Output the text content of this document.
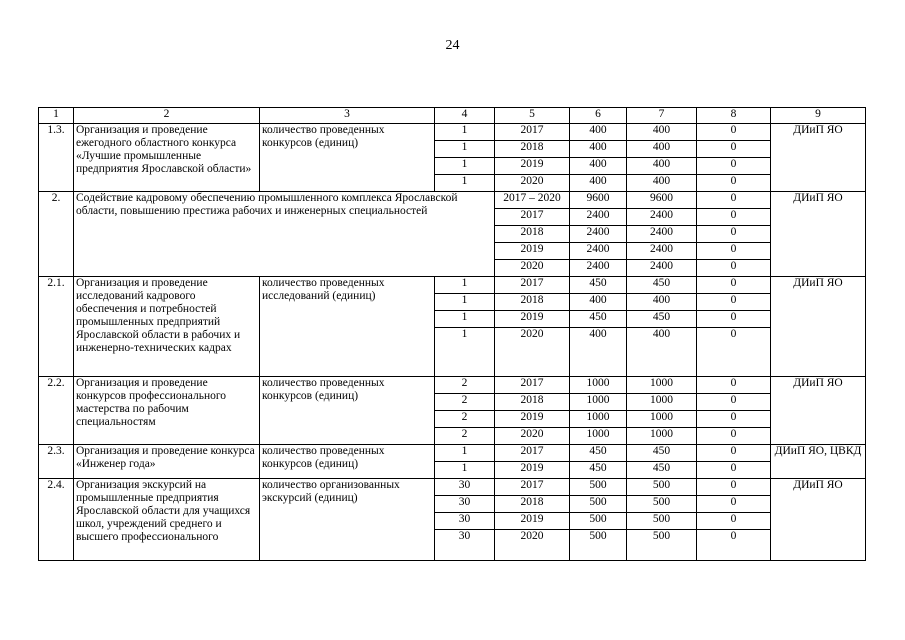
24
1	2	3	4	5	6	7	8	9
1.3.	Организация и проведение ежегодного областного конкурса «Лучшие промышленные предприятия Ярославской области»	количество проведенных конкурсов (единиц)	1	2017	400	400	0	ДИиП ЯО
			1	2018	400	400	0	
			1	2019	400	400	0	
			1	2020	400	400	0	
2.	Содействие кадровому обеспечению промышленного комплекса Ярославской области, повышению престижа рабочих и инженерных специальностей			2017 – 2020	9600	9600	0	ДИиП ЯО
				2017	2400	2400	0	
				2018	2400	2400	0	
				2019	2400	2400	0	
				2020	2400	2400	0	
2.1.	Организация и проведение исследований кадрового обеспечения и потребностей промышленных предприятий Ярославской области в рабочих и инженерно-технических кадрах	количество проведенных исследований (единиц)	1	2017	450	450	0	ДИиП ЯО
			1	2018	400	400	0	
			1	2019	450	450	0	
			1	2020	400	400	0	
2.2.	Организация и проведение конкурсов профессионального мастерства по рабочим специальностям	количество проведенных конкурсов (единиц)	2	2017	1000	1000	0	ДИиП ЯО
			2	2018	1000	1000	0	
			2	2019	1000	1000	0	
			2	2020	1000	1000	0	
2.3.	Организация и проведение конкурса «Инженер года»	количество проведенных конкурсов (единиц)	1	2017	450	450	0	ДИиП ЯО, ЦВКД
			1	2019	450	450	0	
2.4.	Организация экскурсий на промышленные предприятия Ярославской области для учащихся школ, учреждений среднего и высшего профессионального	количество организованных экскурсий (единиц)	30	2017	500	500	0	ДИиП ЯО
			30	2018	500	500	0	
			30	2019	500	500	0	
			30	2020	500	500	0	
